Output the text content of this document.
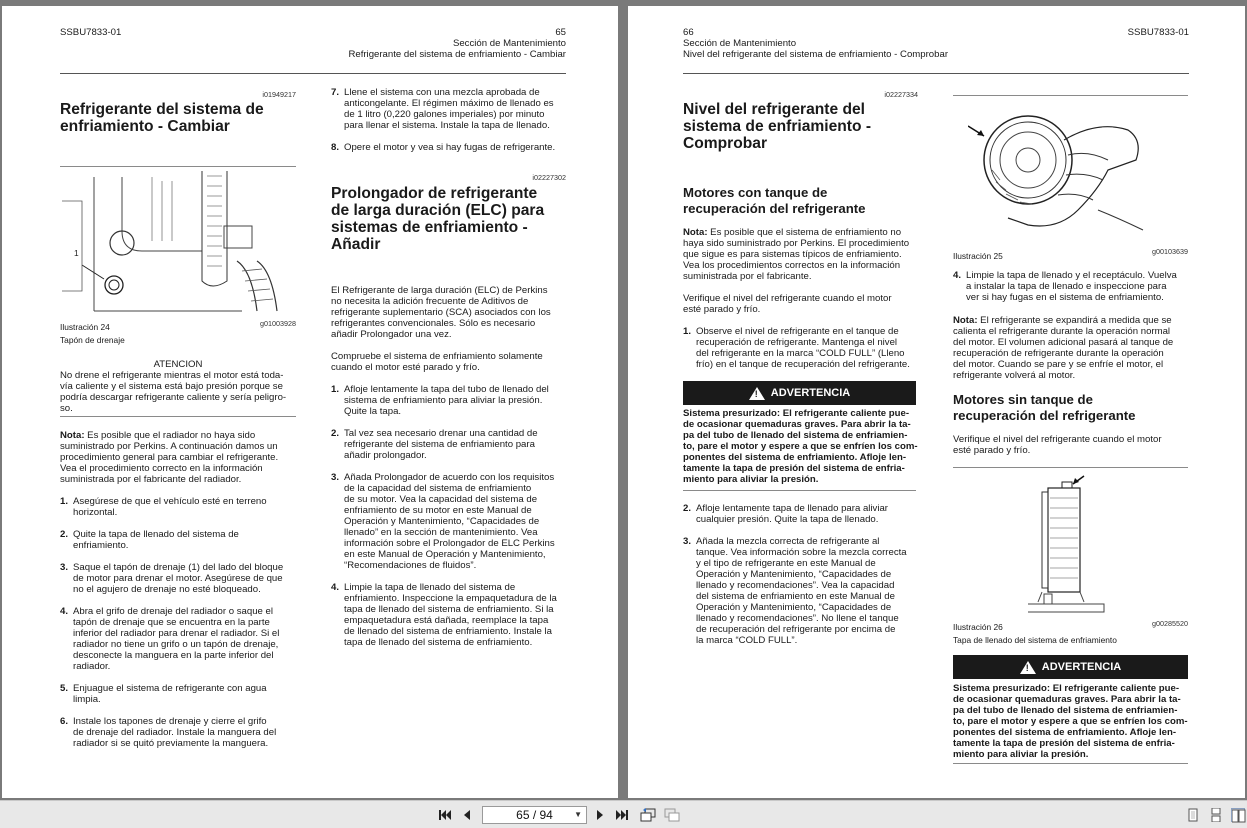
SSBU7833-01	65
Sección de Mantenimiento
Refrigerante del sistema de enfriamiento - Cambiar
i01949217
Refrigerante del sistema de
enfriamiento - Cambiar
1
Ilustración 24	g01003928
Tapón de drenaje
ATENCION
No drene el refrigerante mientras el motor está toda-
vía caliente y el sistema está bajo presión porque se
podría descargar refrigerante caliente y sería peligro-
so.
Nota: Es posible que el radiador no haya sido
suministrado por Perkins. A continuación damos un
procedimiento general para cambiar el refrigerante.
Vea el procedimiento correcto en la información
suministrada por el fabricante del radiador.
1. Asegúrese de que el vehículo esté en terreno
horizontal.
2. Quite la tapa de llenado del sistema de
enfriamiento.
3. Saque el tapón de drenaje (1) del lado del bloque
de motor para drenar el motor. Asegúrese de que
no el agujero de drenaje no esté bloqueado.
4. Abra el grifo de drenaje del radiador o saque el
tapón de drenaje que se encuentra en la parte
inferior del radiador para drenar el radiador. Si el
radiador no tiene un grifo o un tapón de drenaje,
desconecte la manguera en la parte inferior del
radiador.
5. Enjuague el sistema de refrigerante con agua
limpia.
6. Instale los tapones de drenaje y cierre el grifo
de drenaje del radiador. Instale la manguera del
radiador si se quitó previamente la manguera.
7. Llene el sistema con una mezcla aprobada de
anticongelante. El régimen máximo de llenado es
de 1 litro (0,220 galones imperiales) por minuto
para llenar el sistema. Instale la tapa de llenado.
8. Opere el motor y vea si hay fugas de refrigerante.
i02227302
Prolongador de refrigerante
de larga duración (ELC) para
sistemas de enfriamiento -
Añadir
El Refrigerante de larga duración (ELC) de Perkins
no necesita la adición frecuente de Aditivos de
refrigerante suplementario (SCA) asociados con los
refrigerantes convencionales. Sólo es necesario
añadir Prolongador una vez.
Compruebe el sistema de enfriamiento solamente
cuando el motor esté parado y frío.
1. Afloje lentamente la tapa del tubo de llenado del
sistema de enfriamiento para aliviar la presión.
Quite la tapa.
2. Tal vez sea necesario drenar una cantidad de
refrigerante del sistema de enfriamiento para
añadir prolongador.
3. Añada Prolongador de acuerdo con los requisitos
de la capacidad del sistema de enfriamiento
de su motor. Vea la capacidad del sistema de
enfriamiento de su motor en este Manual de
Operación y Mantenimiento, “Capacidades de
llenado” en la sección de mantenimiento. Vea
información sobre el Prolongador de ELC Perkins
en este Manual de Operación y Mantenimiento,
“Recomendaciones de fluidos”.
4. Limpie la tapa de llenado del sistema de
enfriamiento. Inspeccione la empaquetadura de la
tapa de llenado del sistema de enfriamiento. Si la
empaquetadura está dañada, reemplace la tapa
de llenado del sistema de enfriamiento. Instale la
tapa de llenado del sistema de enfriamiento.
66	SSBU7833-01
Sección de Mantenimiento
Nivel del refrigerante del sistema de enfriamiento - Comprobar
i02227334
Nivel del refrigerante del
sistema de enfriamiento -
Comprobar
Motores con tanque de
recuperación del refrigerante
Nota: Es posible que el sistema de enfriamiento no
haya sido suministrado por Perkins. El procedimiento
que sigue es para sistemas típicos de enfriamiento.
Vea los procedimientos correctos en la información
suministrada por el fabricante.
Verifique el nivel del refrigerante cuando el motor
esté parado y frío.
1. Observe el nivel de refrigerante en el tanque de
recuperación de refrigerante. Mantenga el nivel
del refrigerante en la marca “COLD FULL” (Lleno
frío) en el tanque de recuperación del refrigerante.
!
ADVERTENCIA
Sistema presurizado: El refrigerante caliente pue-
de ocasionar quemaduras graves. Para abrir la ta-
pa del tubo de llenado del sistema de enfriamien-
to, pare el motor y espere a que se enfríen los com-
ponentes del sistema de enfriamiento. Afloje len-
tamente la tapa de presión del sistema de enfria-
miento para aliviar la presión.
2. Afloje lentamente tapa de llenado para aliviar
cualquier presión. Quite la tapa de llenado.
3. Añada la mezcla correcta de refrigerante al
tanque. Vea información sobre la mezcla correcta
y el tipo de refrigerante en este Manual de
Operación y Mantenimiento, “Capacidades de
llenado y recomendaciones”. Vea la capacidad
del sistema de enfriamiento en este Manual de
Operación y Mantenimiento, “Capacidades de
llenado y recomendaciones”. No llene el tanque
de recuperación del refrigerante por encima de
la marca “COLD FULL”.
Ilustración 25	g00103639
4. Limpie la tapa de llenado y el receptáculo. Vuelva
a instalar la tapa de llenado e inspeccione para
ver si hay fugas en el sistema de enfriamiento.
Nota: El refrigerante se expandirá a medida que se
calienta el refrigerante durante la operación normal
del motor. El volumen adicional pasará al tanque de
recuperación de refrigerante durante la operación
del motor. Cuando se pare y se enfríe el motor, el
refrigerante volverá al motor.
Motores sin tanque de
recuperación del refrigerante
Verifique el nivel del refrigerante cuando el motor
esté parado y frío.
Ilustración 26	g00285520
Tapa de llenado del sistema de enfriamiento
!
ADVERTENCIA
Sistema presurizado: El refrigerante caliente pue-
de ocasionar quemaduras graves. Para abrir la ta-
pa del tubo de llenado del sistema de enfriamien-
to, pare el motor y espere a que se enfríen los com-
ponentes del sistema de enfriamiento. Afloje len-
tamente la tapa de presión del sistema de enfria-
miento para aliviar la presión.
65 / 94	▼
